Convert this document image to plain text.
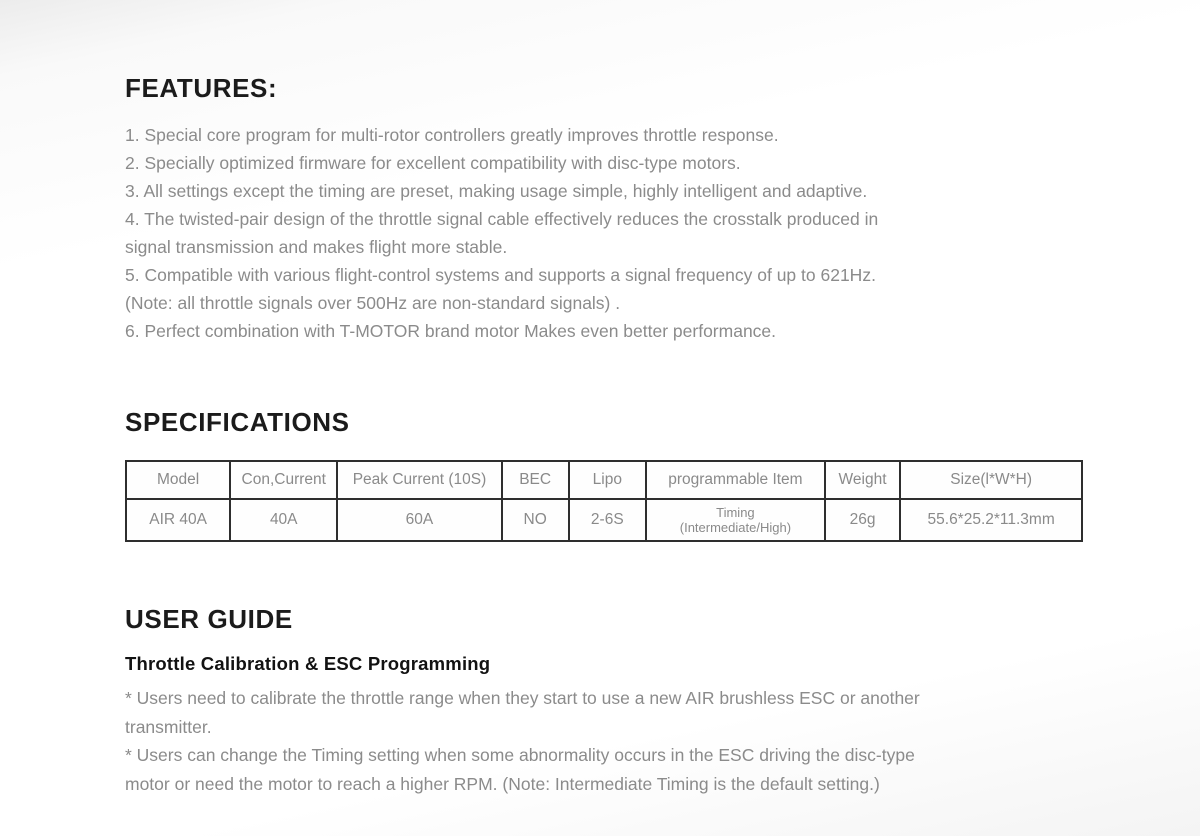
FEATURES:
1. Special core program for multi-rotor controllers greatly improves throttle response.
2. Specially optimized firmware for excellent compatibility with disc-type motors.
3. All settings except the timing are preset, making usage simple, highly intelligent and adaptive.
4. The twisted-pair design of the throttle signal cable effectively reduces the crosstalk produced in
signal transmission and makes flight more stable.
5. Compatible with various flight-control systems and supports a signal frequency of up to 621Hz.
(Note: all throttle signals over 500Hz are non-standard signals) .
6. Perfect combination with T-MOTOR brand motor Makes even better performance.
SPECIFICATIONS
Model	Con,Current	Peak Current (10S)	BEC	Lipo	programmable Item	Weight	Size(l*W*H)
AIR 40A	40A	60A	NO	2-6S	Timing
(Intermediate/High)	26g	55.6*25.2*11.3mm
USER GUIDE
Throttle Calibration & ESC Programming

* Users need to calibrate the throttle range when they start to use a new AIR brushless ESC or another
transmitter.

* Users can change the Timing setting when some abnormality occurs in the ESC driving the disc-type
motor or need the motor to reach a higher RPM. (Note: Intermediate Timing is the default setting.)
